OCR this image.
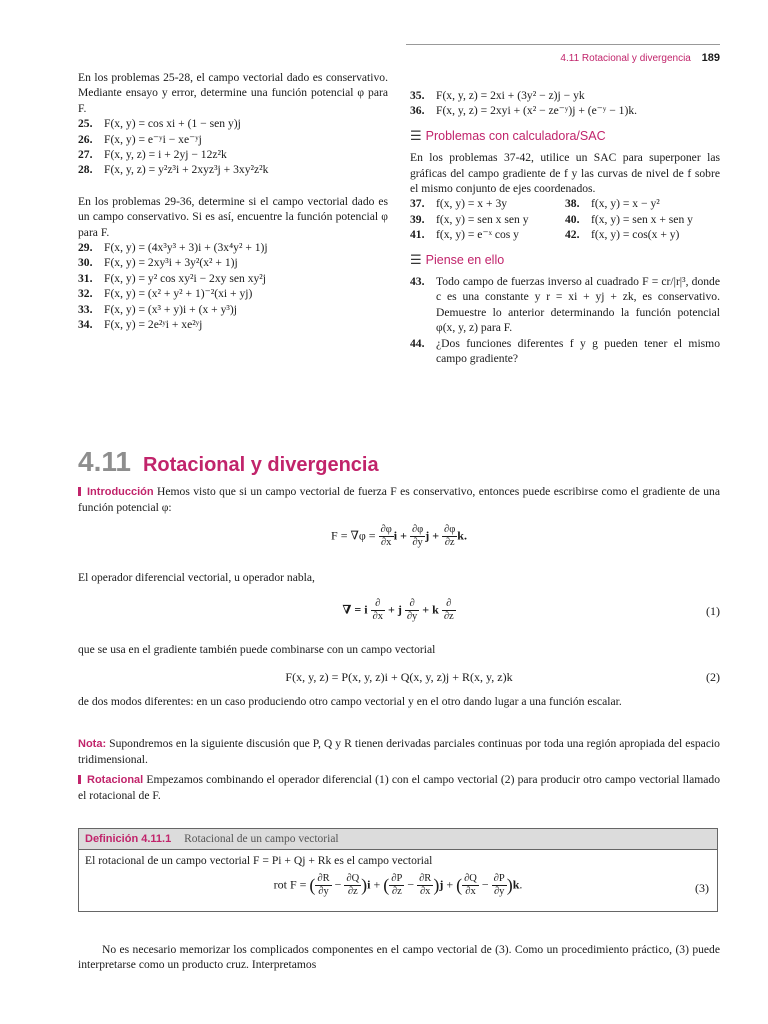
4.11 Rotacional y divergencia 189

En los problemas 25-28, el campo vectorial dado es conservativo. Mediante ensayo y error, determine una función potencial φ para F.

25. F(x, y) = cos xi + (1 − sen y)j
26. F(x, y) = e⁻ʸi − xe⁻ʸj
27. F(x, y, z) = i + 2yj − 12z²k
28. F(x, y, z) = y²z³i + 2xyz³j + 3xy²z²k

En los problemas 29-36, determine si el campo vectorial dado es un campo conservativo. Si es así, encuentre la función potencial φ para F.

29. F(x, y) = (4x³y³ + 3)i + (3x⁴y² + 1)j
30. F(x, y) = 2xy³i + 3y²(x² + 1)j
31. F(x, y) = y² cos xy²i − 2xy sen xy²j
32. F(x, y) = (x² + y² + 1)⁻²(xi + yj)
33. F(x, y) = (x³ + y)i + (x + y³)j
34. F(x, y) = 2e²ʸi + xe²ʸj
35. F(x, y, z) = 2xi + (3y² − z)j − yk
36. F(x, y, z) = 2xyi + (x² − ze⁻ʸ)j + (e⁻ʸ − 1)k.
☰ Problemas con calculadora/SAC

En los problemas 37-42, utilice un SAC para superponer las gráficas del campo gradiente de f y las curvas de nivel de f sobre el mismo conjunto de ejes coordenados.

37. f(x, y) = x + 3y	38. f(x, y) = x − y²
39. f(x, y) = sen x sen y	40. f(x, y) = sen x + sen y
41. f(x, y) = e⁻ˣ cos y	42. f(x, y) = cos(x + y)
☰ Piense en ello
43. Todo campo de fuerzas inverso al cuadrado F = cr/|r|³, donde c es una constante y r = xi + yj + zk, es conservativo. Demuestre lo anterior determinando la función potencial φ(x, y, z) para F.
44. ¿Dos funciones diferentes f y g pueden tener el mismo campo gradiente?
4.11 Rotacional y divergencia
Introducción Hemos visto que si un campo vectorial de fuerza F es conservativo, entonces puede escribirse como el gradiente de una función potencial φ:
$F = \nabla\varphi = \frac{\partial\varphi}{\partial x}$ $i + \frac{\partial\varphi}{\partial y}$ $j + \frac{\partial\varphi}{\partial z} k$.
El operador diferencial vectorial, u operador nabla,
∇ = i $\frac{\partial}{\partial x} + j \frac{\partial}{\partial y} + k \frac{\partial}{\partial z}$	(1)
que se usa en el gradiente también puede combinarse con un campo vectorial
F(x, y, z) = P(x, y, z)i + Q(x, y, z)j + R(x, y, z)k	(2)
de dos modos diferentes: en un caso produciendo otro campo vectorial y en el otro dando lugar a una función escalar.
Nota: Supondremos en la siguiente discusión que P, Q y R tienen derivadas parciales continuas por toda una región apropiada del espacio tridimensional.
Rotacional Empezamos combinando el operador diferencial (1) con el campo vectorial (2) para producir otro campo vectorial llamado el rotacional de F.
Definición 4.11.1 Rotacional de un campo vectorial
El rotacional de un campo vectorial F = Pi + Qj + Rk es el campo vectorial
rot F = ( $\frac{\partial R}{\partial y} - \frac{\partial Q}{\partial z} )i$ + ( $\frac{\partial P}{\partial z} - \frac{\partial R}{\partial x} )j$ + ( $\frac{\partial Q}{\partial x} - \frac{\partial P}{\partial y} )k$.	(3)
No es necesario memorizar los complicados componentes en el campo vectorial de (3). Como un procedimiento práctico, (3) puede interpretarse como un producto cruz. Interpretamos
